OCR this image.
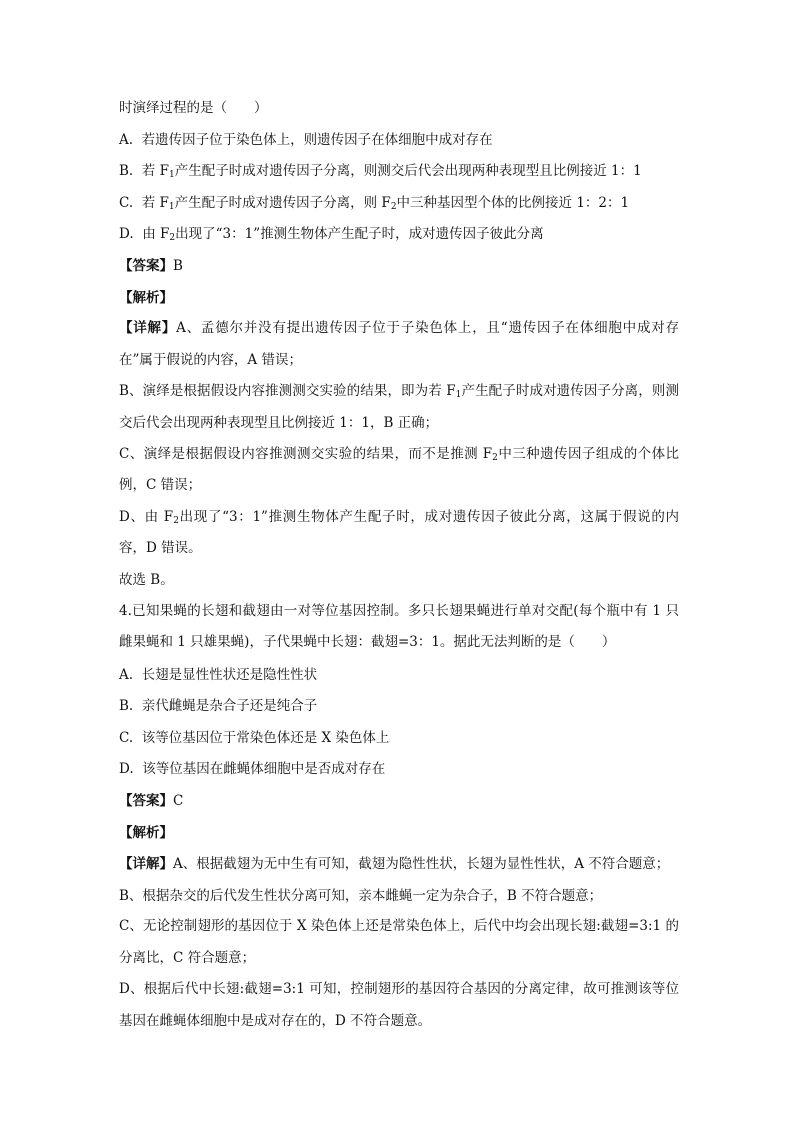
时演绎过程的是（　　）

A.  若遗传因子位于染色体上，则遗传因子在体细胞中成对存在

B.  若 $F_1$产生配子时成对遗传因子分离，则测交后代会出现两种表现型且比例接近 1：1

C.  若 $F_1$产生配子时成对遗传因子分离，则 $F_2$中三种基因型个体的比例接近 1：2：1

D.  由 $F_2$出现了“3：1”推测生物体产生配子时，成对遗传因子彼此分离

【答案】B

【解析】

【详解】A、孟德尔并没有提出遗传因子位于子染色体上，且“遗传因子在体细胞中成对存在”属于假说的内容，A 错误；

B、演绎是根据假设内容推测测交实验的结果，即为若 $F_1$产生配子时成对遗传因子分离，则测交后代会出现两种表现型且比例接近 1：1，B 正确；

C、演绎是根据假设内容推测测交实验的结果，而不是推测 $F_2$中三种遗传因子组成的个体比例，C 错误；

D、由 $F_2$出现了“3：1”推测生物体产生配子时，成对遗传因子彼此分离，这属于假说的内容，D 错误。

故选 B。

4.已知果蝇的长翅和截翅由一对等位基因控制。多只长翅果蝇进行单对交配(每个瓶中有 1 只雌果蝇和 1 只雄果蝇)，子代果蝇中长翅：截翅=3：1。据此无法判断的是（　　）

A.  长翅是显性性状还是隐性性状

B.  亲代雌蝇是杂合子还是纯合子

C.  该等位基因位于常染色体还是 X 染色体上

D.  该等位基因在雌蝇体细胞中是否成对存在

【答案】C

【解析】

【详解】A、根据截翅为无中生有可知，截翅为隐性性状，长翅为显性性状，A 不符合题意；

B、根据杂交的后代发生性状分离可知，亲本雌蝇一定为杂合子，B 不符合题意；

C、无论控制翅形的基因位于 X 染色体上还是常染色体上，后代中均会出现长翅:截翅=3:1 的分离比，C 符合题意；

D、根据后代中长翅:截翅=3:1 可知，控制翅形的基因符合基因的分离定律，故可推测该等位基因在雌蝇体细胞中是成对存在的，D 不符合题意。
